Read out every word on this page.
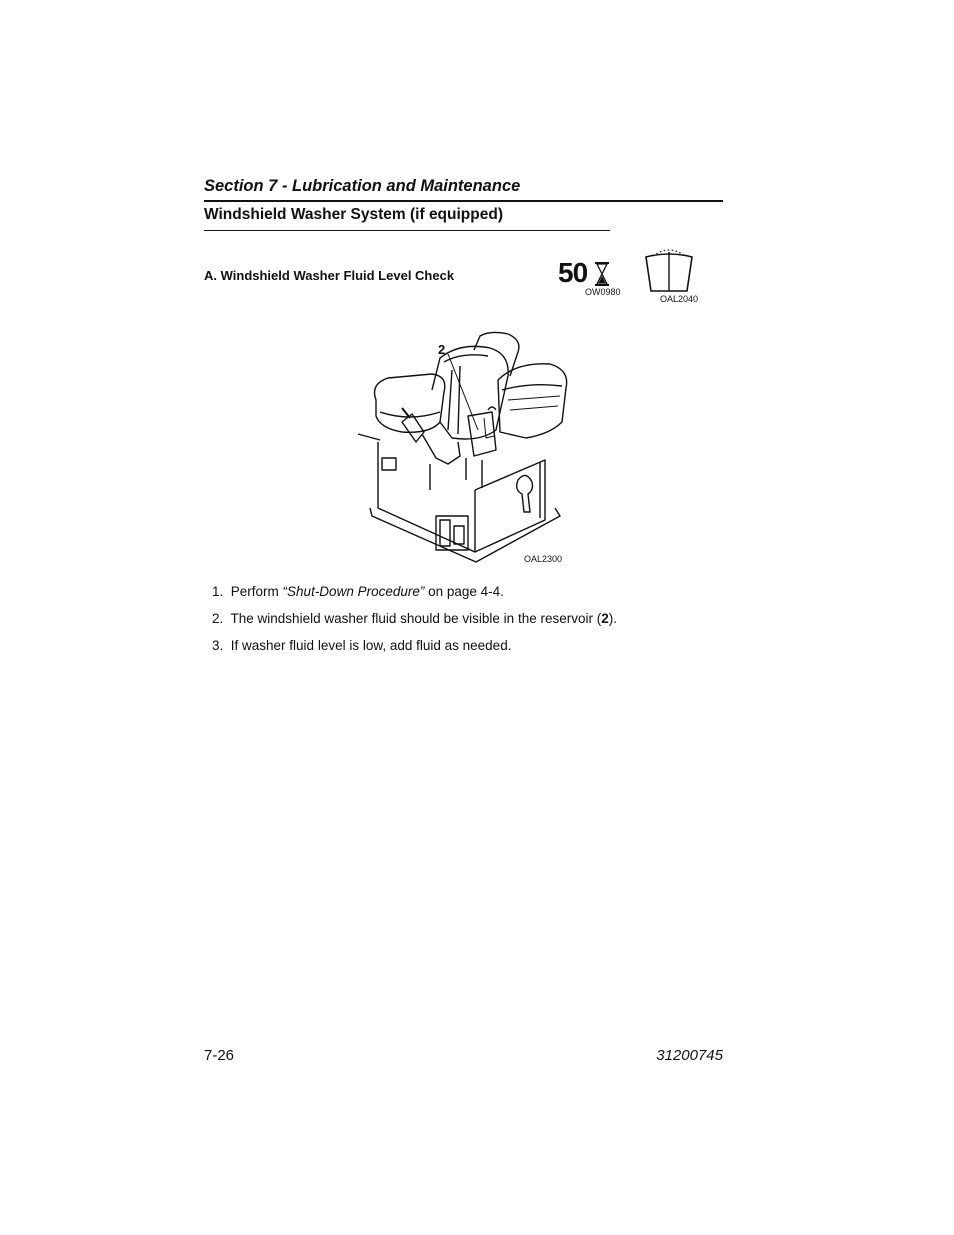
Section 7 - Lubrication and Maintenance
Windshield Washer System (if equipped)
A. Windshield Washer Fluid Level Check	50
OW0980
OAL2040
2
OAL2300
1. Perform “Shut-Down Procedure” on page 4-4.
2. The windshield washer fluid should be visible in the reservoir (2).
3. If washer fluid level is low, add fluid as needed.
7-26	31200745
